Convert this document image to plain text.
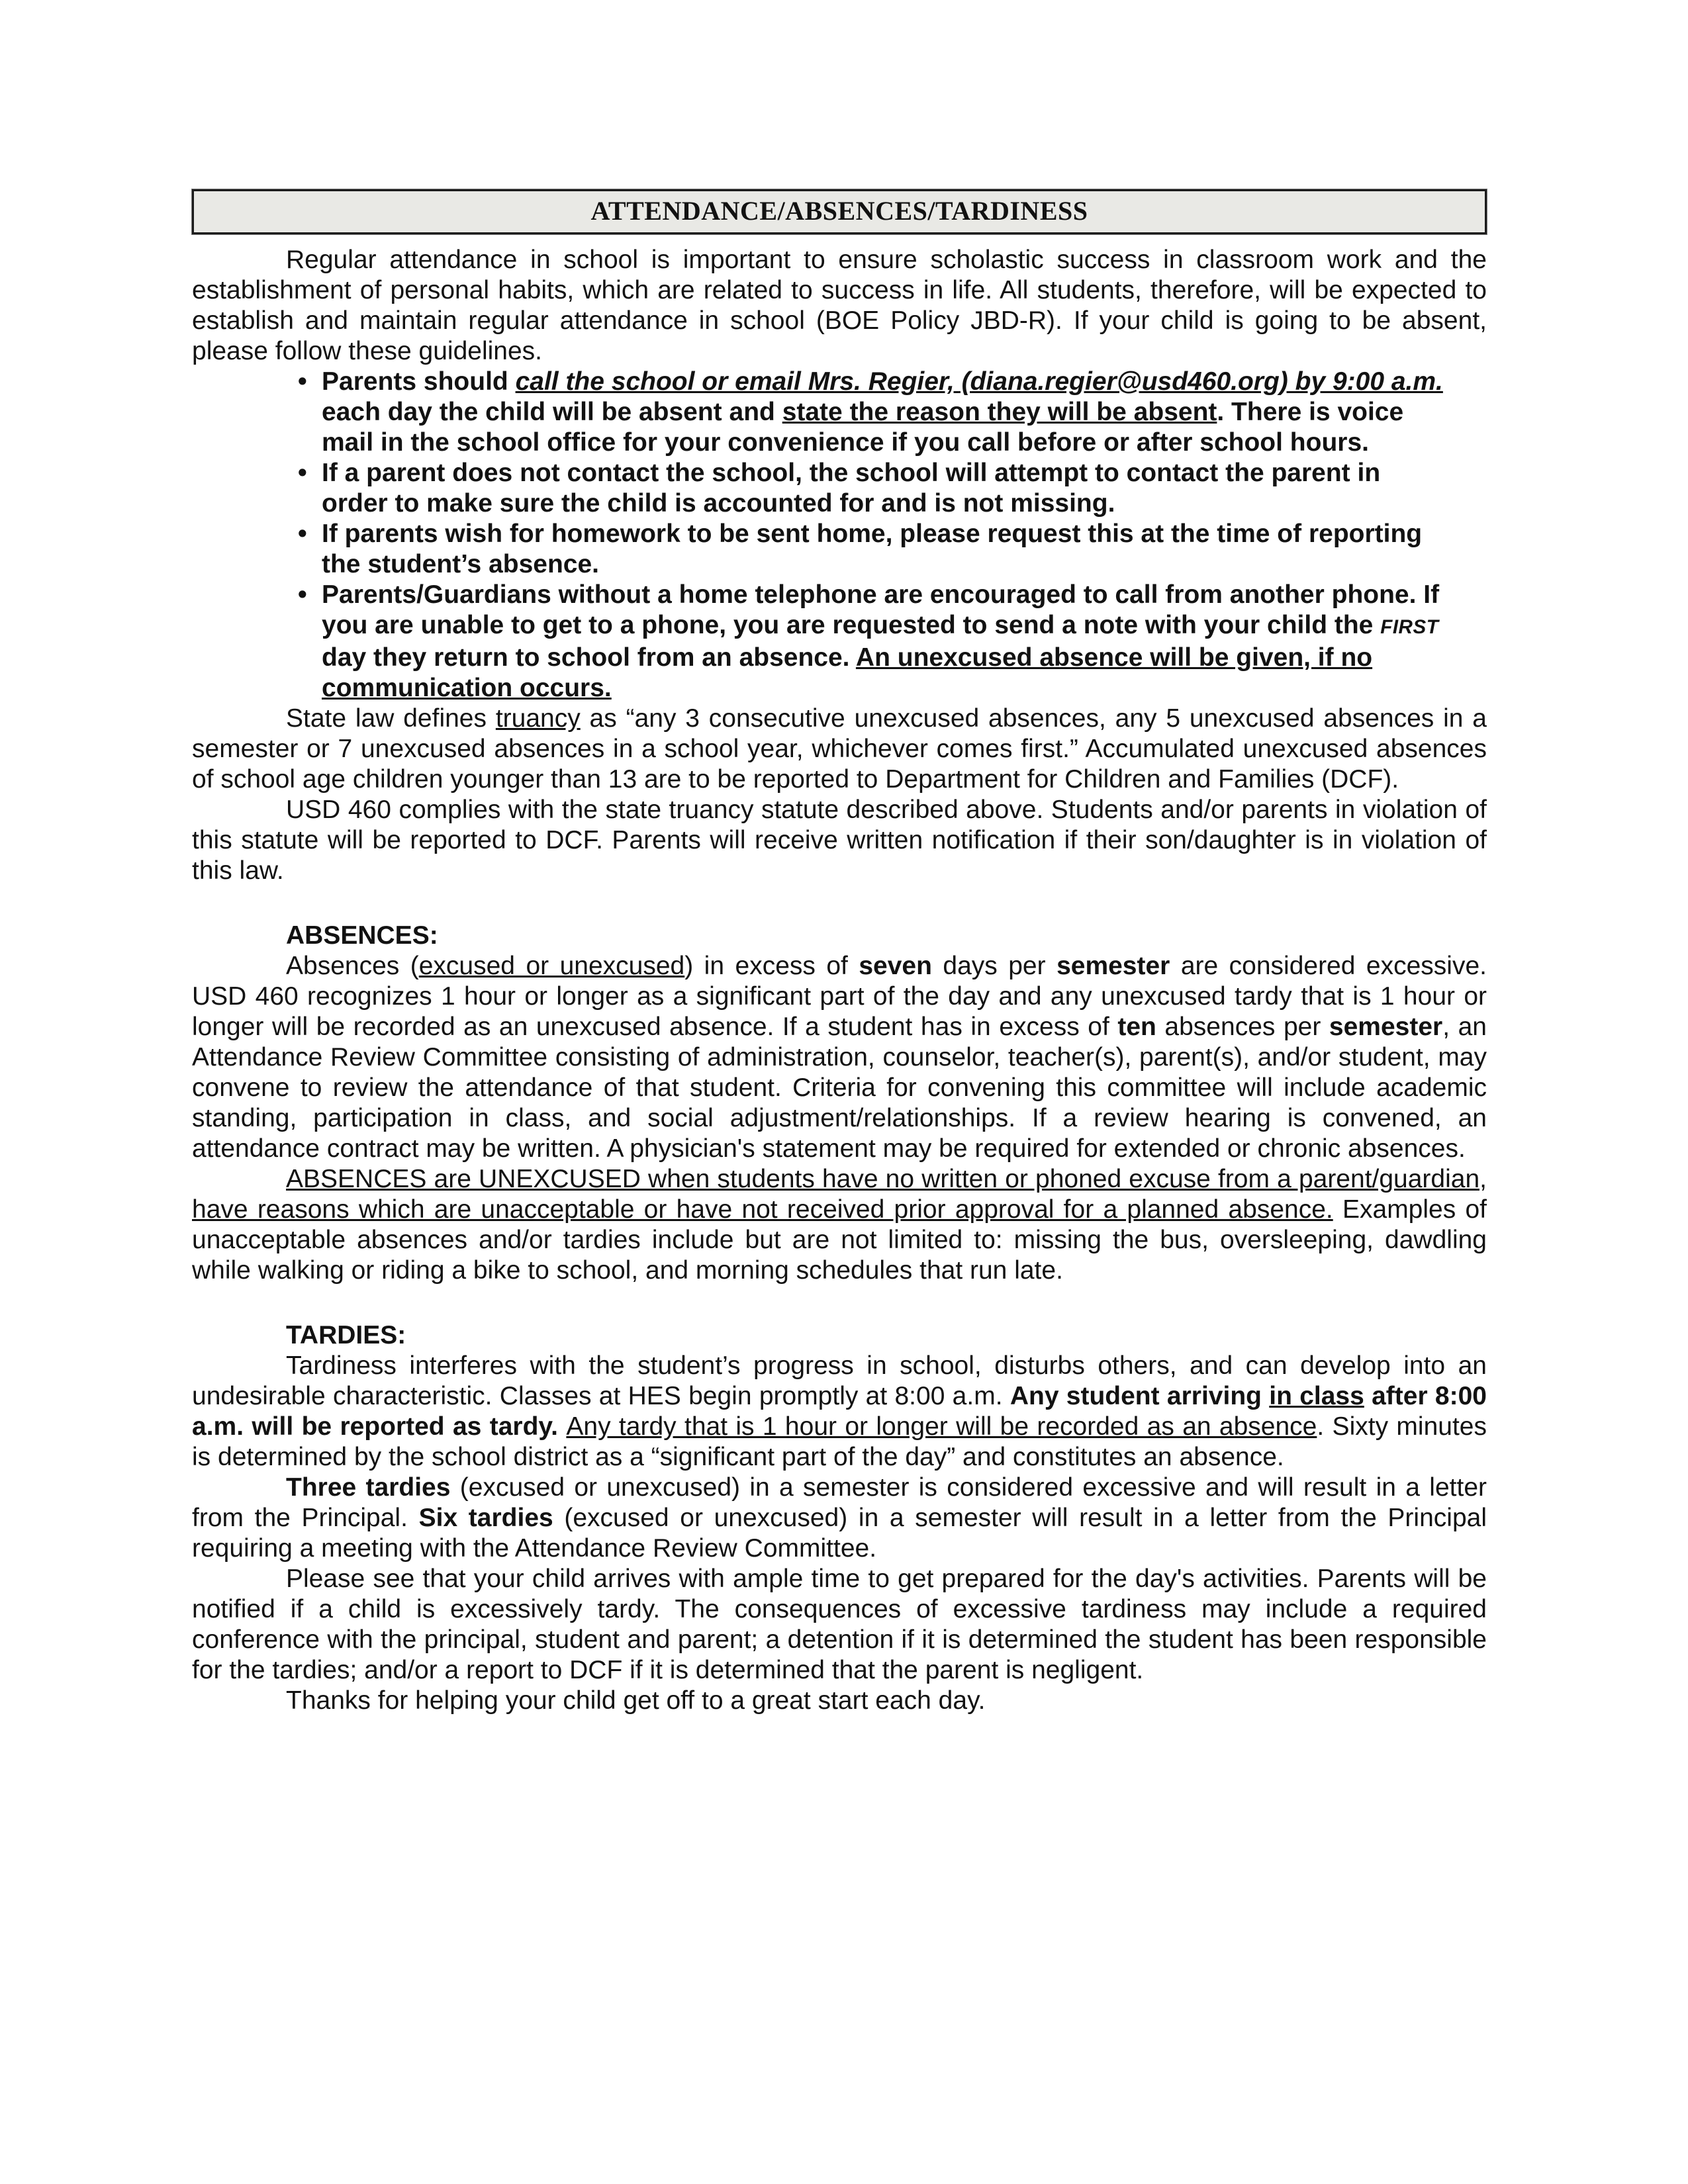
ATTENDANCE/ABSENCES/TARDINESS

Regular attendance in school is important to ensure scholastic success in classroom work and the establishment of personal habits, which are related to success in life. All students, therefore, will be expected to establish and maintain regular attendance in school (BOE Policy JBD-R). If your child is going to be absent, please follow these guidelines.

• Parents should call the school or email Mrs. Regier, (diana.regier@usd460.org) by 9:00 a.m. each day the child will be absent and state the reason they will be absent. There is voice mail in the school office for your convenience if you call before or after school hours.
• If a parent does not contact the school, the school will attempt to contact the parent in order to make sure the child is accounted for and is not missing.
• If parents wish for homework to be sent home, please request this at the time of reporting the student’s absence.
• Parents/Guardians without a home telephone are encouraged to call from another phone. If you are unable to get to a phone, you are requested to send a note with your child the FIRST day they return to school from an absence. An unexcused absence will be given, if no communication occurs.

State law defines truancy as “any 3 consecutive unexcused absences, any 5 unexcused absences in a semester or 7 unexcused absences in a school year, whichever comes first.” Accumulated unexcused absences of school age children younger than 13 are to be reported to Department for Children and Families (DCF).

USD 460 complies with the state truancy statute described above. Students and/or parents in violation of this statute will be reported to DCF. Parents will receive written notification if their son/daughter is in violation of this law.

ABSENCES:

Absences (excused or unexcused) in excess of seven days per semester are considered excessive. USD 460 recognizes 1 hour or longer as a significant part of the day and any unexcused tardy that is 1 hour or longer will be recorded as an unexcused absence. If a student has in excess of ten absences per semester, an Attendance Review Committee consisting of administration, counselor, teacher(s), parent(s), and/or student, may convene to review the attendance of that student. Criteria for convening this committee will include academic standing, participation in class, and social adjustment/relationships. If a review hearing is convened, an attendance contract may be written. A physician's statement may be required for extended or chronic absences.

ABSENCES are UNEXCUSED when students have no written or phoned excuse from a parent/guardian, have reasons which are unacceptable or have not received prior approval for a planned absence. Examples of unacceptable absences and/or tardies include but are not limited to: missing the bus, oversleeping, dawdling while walking or riding a bike to school, and morning schedules that run late.

TARDIES:

Tardiness interferes with the student’s progress in school, disturbs others, and can develop into an undesirable characteristic. Classes at HES begin promptly at 8:00 a.m. Any student arriving in class after 8:00 a.m. will be reported as tardy. Any tardy that is 1 hour or longer will be recorded as an absence. Sixty minutes is determined by the school district as a “significant part of the day” and constitutes an absence.

Three tardies (excused or unexcused) in a semester is considered excessive and will result in a letter from the Principal. Six tardies (excused or unexcused) in a semester will result in a letter from the Principal requiring a meeting with the Attendance Review Committee.

Please see that your child arrives with ample time to get prepared for the day's activities. Parents will be notified if a child is excessively tardy. The consequences of excessive tardiness may include a required conference with the principal, student and parent; a detention if it is determined the student has been responsible for the tardies; and/or a report to DCF if it is determined that the parent is negligent.

Thanks for helping your child get off to a great start each day.
